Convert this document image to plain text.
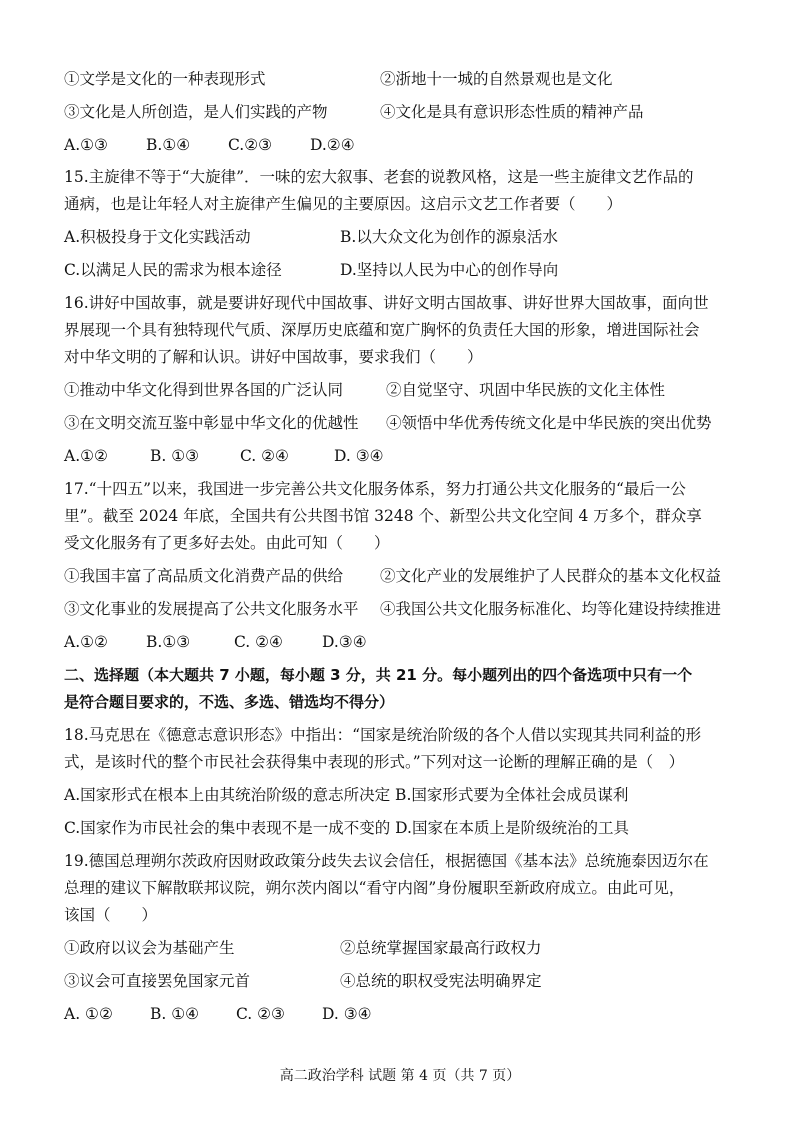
①文学是文化的一种表现形式	②浙地十一城的自然景观也是文化
③文化是人所创造，是人们实践的产物	④文化是具有意识形态性质的精神产品
A.①③ B.①④ C.②③ D.②④
15.主旋律不等于“大旋律”．一味的宏大叙事、老套的说教风格，这是一些主旋律文艺作品的
通病，也是让年轻人对主旋律产生偏见的主要原因。这启示文艺工作者要（　　）
A.积极投身于文化实践活动	B.以大众文化为创作的源泉活水
C.以满足人民的需求为根本途径	D.坚持以人民为中心的创作导向
16.讲好中国故事，就是要讲好现代中国故事、讲好文明古国故事、讲好世界大国故事，面向世
界展现一个具有独特现代气质、深厚历史底蕴和宽广胸怀的负责任大国的形象，增进国际社会
对中华文明的了解和认识。讲好中国故事，要求我们（　　）
①推动中华文化得到世界各国的广泛认同	②自觉坚守、巩固中华民族的文化主体性
③在文明交流互鉴中彰显中华文化的优越性 ④领悟中华优秀传统文化是中华民族的突出优势
A.①②	B. ①③	C. ②④	D. ③④
17.“十四五”以来，我国进一步完善公共文化服务体系，努力打通公共文化服务的“最后一公
里”。截至 2024 年底，全国共有公共图书馆 3248 个、新型公共文化空间 4 万多个，群众享
受文化服务有了更多好去处。由此可知（　　）
①我国丰富了高品质文化消费产品的供给 ②文化产业的发展维护了人民群众的基本文化权益
③文化事业的发展提高了公共文化服务水平 ④我国公共文化服务标准化、均等化建设持续推进
A.①② B.①③	C. ②④	D.③④
二、选择题（本大题共 7 小题，每小题 3 分，共 21 分。每小题列出的四个备选项中只有一个
是符合题目要求的，不选、多选、错选均不得分）
18.马克思在《德意志意识形态》中指出：“国家是统治阶级的各个人借以实现其共同利益的形
式，是该时代的整个市民社会获得集中表现的形式。”下列对这一论断的理解正确的是（　）
A.国家形式在根本上由其统治阶级的意志所决定 B.国家形式要为全体社会成员谋利
C.国家作为市民社会的集中表现不是一成不变的 D.国家在本质上是阶级统治的工具
19.德国总理朔尔茨政府因财政政策分歧失去议会信任，根据德国《基本法》总统施泰因迈尔在
总理的建议下解散联邦议院，朔尔茨内阁以“看守内阁”身份履职至新政府成立。由此可见，
该国（　　）
①政府以议会为基础产生	②总统掌握国家最高行政权力
③议会可直接罢免国家元首	④总统的职权受宪法明确界定
A. ①② B. ①④ C. ②③ D. ③④
高二政治学科 试题 第 4 页（共 7 页）
